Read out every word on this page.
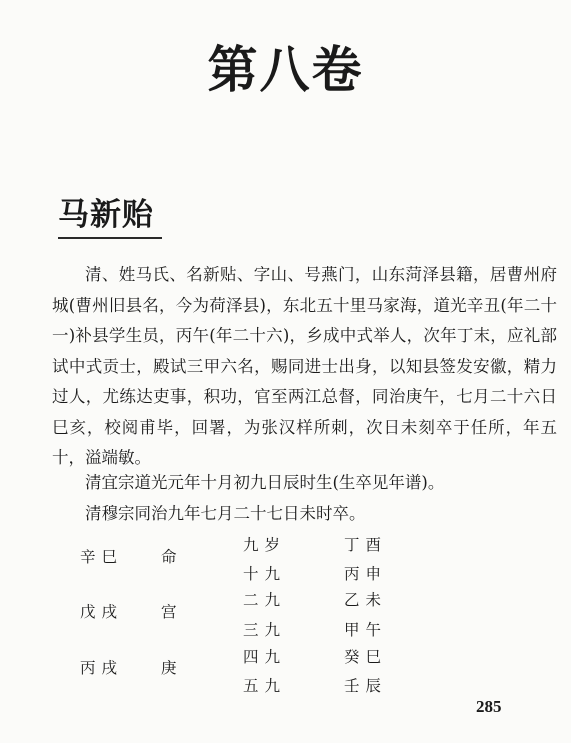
第八卷
马新贻

清、姓马氏、名新贴、字山、号燕门，山东菏泽县籍，居曹州府城(曹州旧县名，今为荷泽县)，东北五十里马家海，道光辛丑(年二十一)补县学生员，丙午(年二十六)，乡成中式举人，次年丁末，应礼部试中式贡士，殿试三甲六名，赐同进士出身，以知县签发安徽，精力过人，尤练达吏事，积功，官至两江总督，同治庚午，七月二十六日巳亥，校阅甫毕，回署，为张汉样所刺，次日未刻卒于任所，年五十，溢端敏。

清宜宗道光元年十月初九日辰时生(生卒见年谱)。

清穆宗同治九年七月二十七日未时卒。

辛巳
戊戌
丙戌
命
宫
庚
九岁
十九
二九
三九
四九
五九
丁酉
丙申
乙未
甲午
癸巳
壬辰
285
